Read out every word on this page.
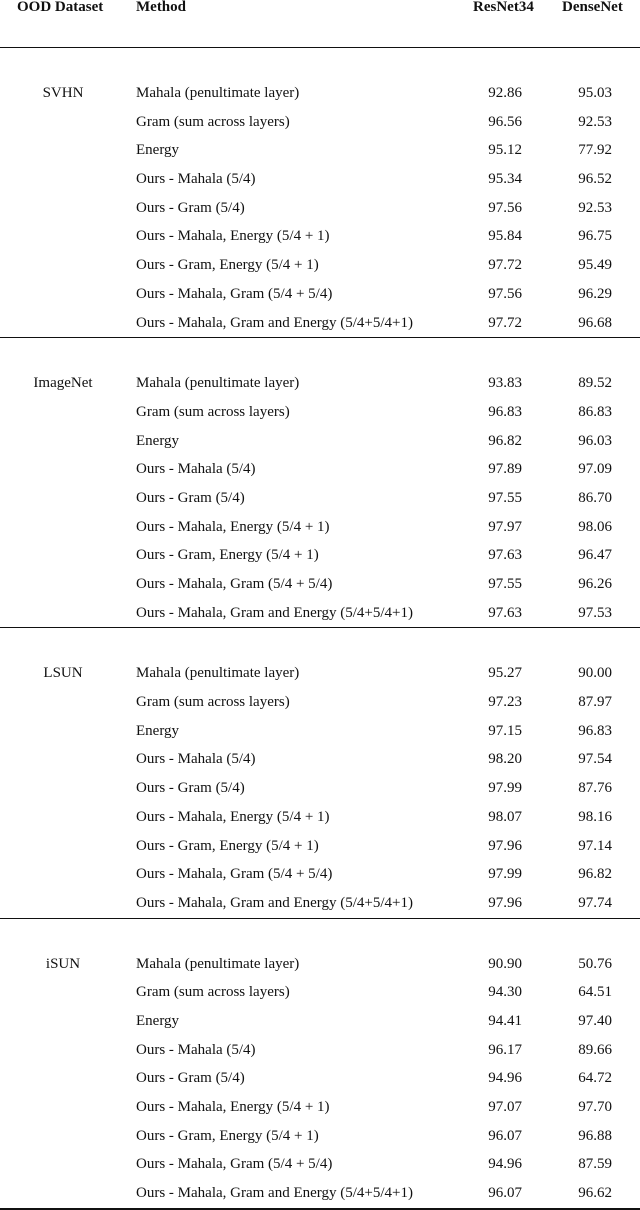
OOD Dataset Method	ResNet34 DenseNet
SVHN	Mahala (penultimate layer)	92.86	95.03
Gram (sum across layers)	96.56	92.53
Energy	95.12	77.92
Ours - Mahala (5/4)	95.34	96.52
Ours - Gram (5/4)	97.56	92.53
Ours - Mahala, Energy (5/4 + 1)	95.84	96.75
Ours - Gram, Energy (5/4 + 1)	97.72	95.49
Ours - Mahala, Gram (5/4 + 5/4)	97.56	96.29
Ours - Mahala, Gram and Energy (5/4+5/4+1)	97.72	96.68
ImageNet	Mahala (penultimate layer)	93.83	89.52
Gram (sum across layers)	96.83	86.83
Energy	96.82	96.03
Ours - Mahala (5/4)	97.89	97.09
Ours - Gram (5/4)	97.55	86.70
Ours - Mahala, Energy (5/4 + 1)	97.97	98.06
Ours - Gram, Energy (5/4 + 1)	97.63	96.47
Ours - Mahala, Gram (5/4 + 5/4)	97.55	96.26
Ours - Mahala, Gram and Energy (5/4+5/4+1)	97.63	97.53
LSUN	Mahala (penultimate layer)	95.27	90.00
Gram (sum across layers)	97.23	87.97
Energy	97.15	96.83
Ours - Mahala (5/4)	98.20	97.54
Ours - Gram (5/4)	97.99	87.76
Ours - Mahala, Energy (5/4 + 1)	98.07	98.16
Ours - Gram, Energy (5/4 + 1)	97.96	97.14
Ours - Mahala, Gram (5/4 + 5/4)	97.99	96.82
Ours - Mahala, Gram and Energy (5/4+5/4+1)	97.96	97.74
iSUN	Mahala (penultimate layer)	90.90	50.76
Gram (sum across layers)	94.30	64.51
Energy	94.41	97.40
Ours - Mahala (5/4)	96.17	89.66
Ours - Gram (5/4)	94.96	64.72
Ours - Mahala, Energy (5/4 + 1)	97.07	97.70
Ours - Gram, Energy (5/4 + 1)	96.07	96.88
Ours - Mahala, Gram (5/4 + 5/4)	94.96	87.59
Ours - Mahala, Gram and Energy (5/4+5/4+1)	96.07	96.62
